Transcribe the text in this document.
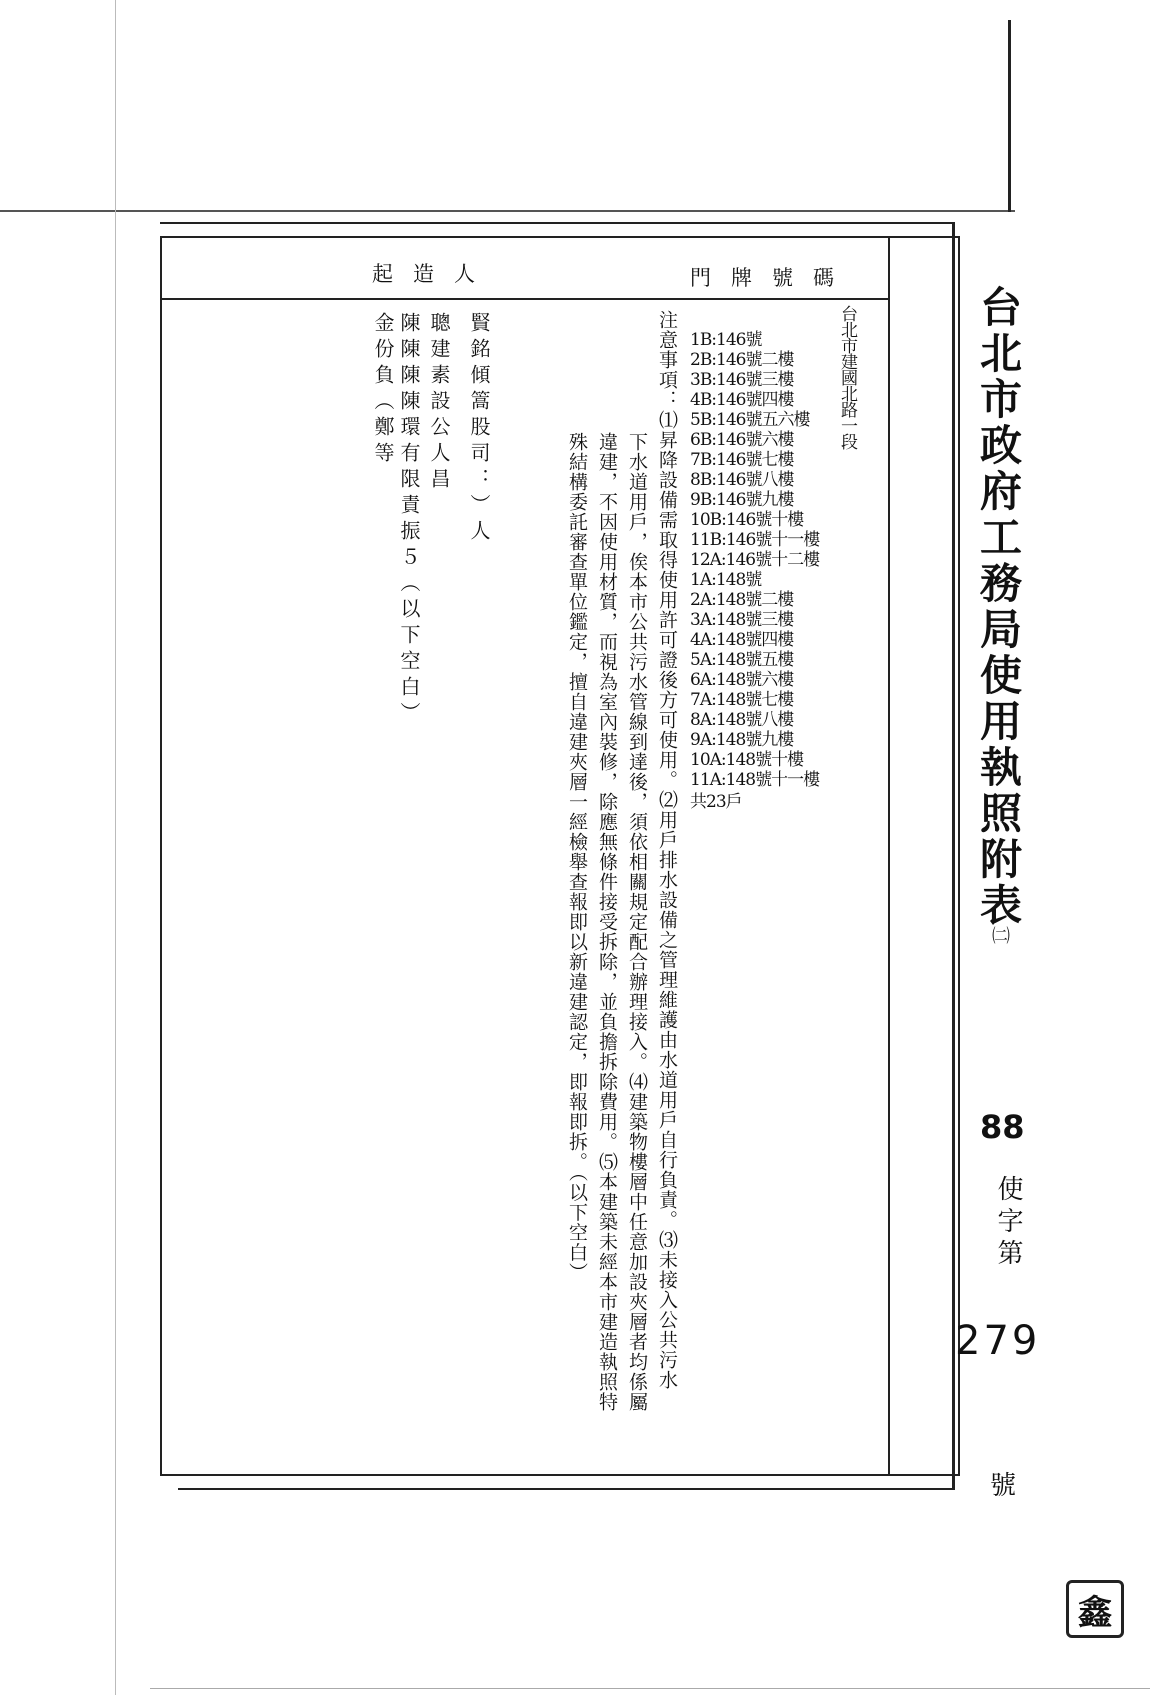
台北市政府工務局使用執照附表
㈡
88
使字第
279
號
起造人	門牌號碼
台北市建國北路一段
1B:146號
2B:146號二樓
3B:146號三樓
4B:146號四樓
5B:146號五六樓
6B:146號六樓
7B:146號七樓
8B:146號八樓
9B:146號九樓
10B:146號十樓
11B:146號十一樓
12A:146號十二樓
1A:148號
2A:148號二樓
3A:148號三樓
4A:148號四樓
5A:148號五樓
6A:148號六樓
7A:148號七樓
8A:148號八樓
9A:148號九樓
10A:148號十樓
11A:148號十一樓
共23戶
注意事項：⑴昇降設備需取得使用許可證後方可使用。⑵用戶排水設備之管理維護由水道用戶自行負責。⑶未接入公共污水
下水道用戶，俟本市公共污水管線到達後，須依相關規定配合辦理接入。⑷建築物樓層中任意加設夾層者均係屬
違建，不因使用材質，而視為室內裝修，除應無條件接受拆除，並負擔拆除費用。⑸本建築未經本市建造執照特
殊結構委託審查單位鑑定，擅自違建夾層一經檢舉查報即以新違建認定，即報即拆。（以下空白）
賢銘傾篙股司：）人
聰建素設公人昌
陳陳陳陳環有限責振５（以下空白）
金份負（鄭等
鑫
